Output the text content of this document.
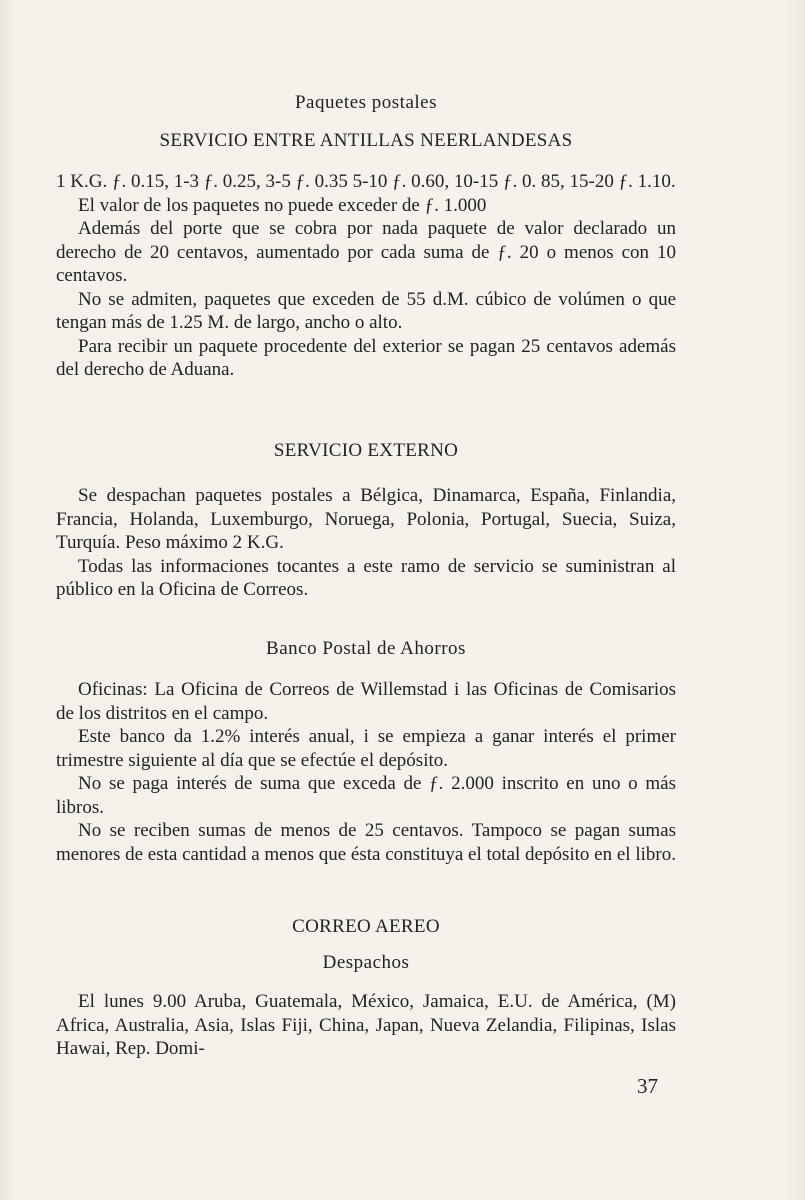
Paquetes postales
SERVICIO ENTRE ANTILLAS NEERLANDESAS

1 K.G. ƒ. 0.15, 1-3 ƒ. 0.25, 3-5 ƒ. 0.35 5-10 ƒ. 0.60, 10-15 ƒ. 0. 85, 15-20 ƒ. 1.10.

El valor de los paquetes no puede exceder de ƒ. 1.000

Además del porte que se cobra por nada paquete de valor declarado un derecho de 20 centavos, aumentado por cada suma de ƒ. 20 o menos con 10 centavos.

No se admiten, paquetes que exceden de 55 d.M. cúbico de volúmen o que tengan más de 1.25 M. de largo, ancho o alto.

Para recibir un paquete procedente del exterior se pagan 25 centavos además del derecho de Aduana.

SERVICIO EXTERNO

Se despachan paquetes postales a Bélgica, Dinamarca, España, Finlandia, Francia, Holanda, Luxemburgo, Noruega, Polonia, Portugal, Suecia, Suiza, Turquía. Peso máximo 2 K.G.

Todas las informaciones tocantes a este ramo de servicio se suministran al público en la Oficina de Correos.

Banco Postal de Ahorros

Oficinas: La Oficina de Correos de Willemstad i las Oficinas de Comisarios de los distritos en el campo.

Este banco da 1.2% interés anual, i se empieza a ganar interés el primer trimestre siguiente al día que se efectúe el depósito.

No se paga interés de suma que exceda de ƒ. 2.000 inscrito en uno o más libros.

No se reciben sumas de menos de 25 centavos. Tampoco se pagan sumas menores de esta cantidad a menos que ésta constituya el total depósito en el libro.

CORREO AEREO
Despachos

El lunes 9.00 Aruba, Guatemala, México, Jamaica, E.U. de América, (M) Africa, Australia, Asia, Islas Fiji, China, Japan, Nueva Zelandia, Filipinas, Islas Hawai, Rep. Domi-

37
